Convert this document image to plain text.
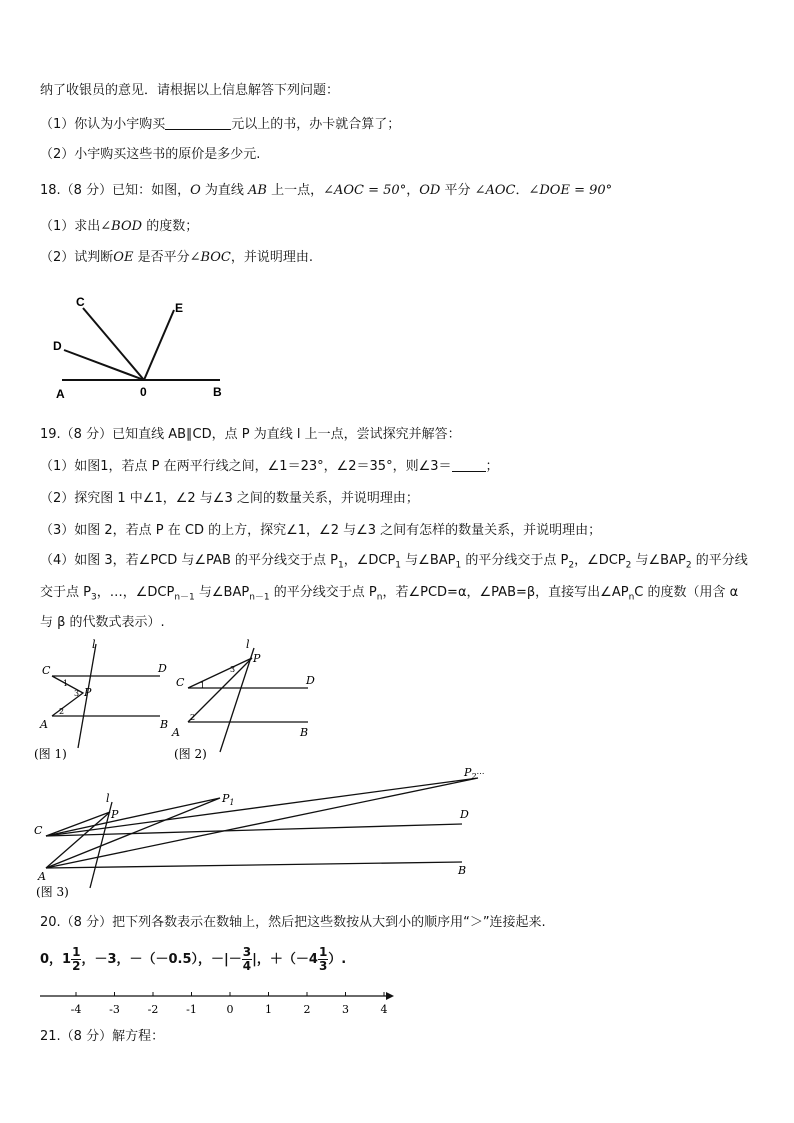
纳了收银员的意见．请根据以上信息解答下列问题：
（1）你认为小宇购买	元以上的书，办卡就合算了；
（2）小宇购买这些书的原价是多少元.
18.（8 分）已知：如图，O 为直线 AB 上一点，∠AOC = 50°，OD 平分 ∠AOC．∠DOE = 90°
（1）求出∠BOD 的度数；
（2）试判断OE 是否平分∠BOC，并说明理由.
C
D
E
A	0	B
19.（8 分）已知直线 AB∥CD，点 P 为直线 l 上一点，尝试探究并解答：
（1）如图1，若点 P 在两平行线之间，∠1＝23°，∠2＝35°，则∠3＝	；
（2）探究图 1 中∠1，∠2 与∠3 之间的数量关系，并说明理由；
（3）如图 2，若点 P 在 CD 的上方，探究∠1，∠2 与∠3 之间有怎样的数量关系，并说明理由；
（4）如图 3，若∠PCD 与∠PAB 的平分线交于点 $P_1$，$\angle DCP_1$ 与$\angle BAP_1$ 的平分线交于点 $P_2$，$\angle DCP_2$ 与$\angle BAP_2$ 的平分线
交于点 $P_3$，…，$\angle DCP_{n-1}$ 与$\angle BAP_{n-1}$ 的平分线交于点 $P_n$，若∠PCD=α，∠PAB=β，直接写出$\angle AP_nC$ 的度数（用含 α
与 β 的代数式表示）.
l
C	D
P
A	B
1
2
3
(图 1)
l
P
C	D
A	B
1
2
3
(图 2)
l
P
$P_1$
$P_2^\dots$
C
D
A	B
(图 3)
20.（8 分）把下列各数表示在数轴上，然后把这些数按从大到小的顺序用“＞”连接起来.
0，$1 \frac{1}{2}$ ，－3，－（－0.5），－|－ $\frac{3}{4}$ |，$+(-4 \frac{1}{3}$ ）.
-4	-3	-2	-1	0	1	2	3	4
21.（8 分）解方程：
